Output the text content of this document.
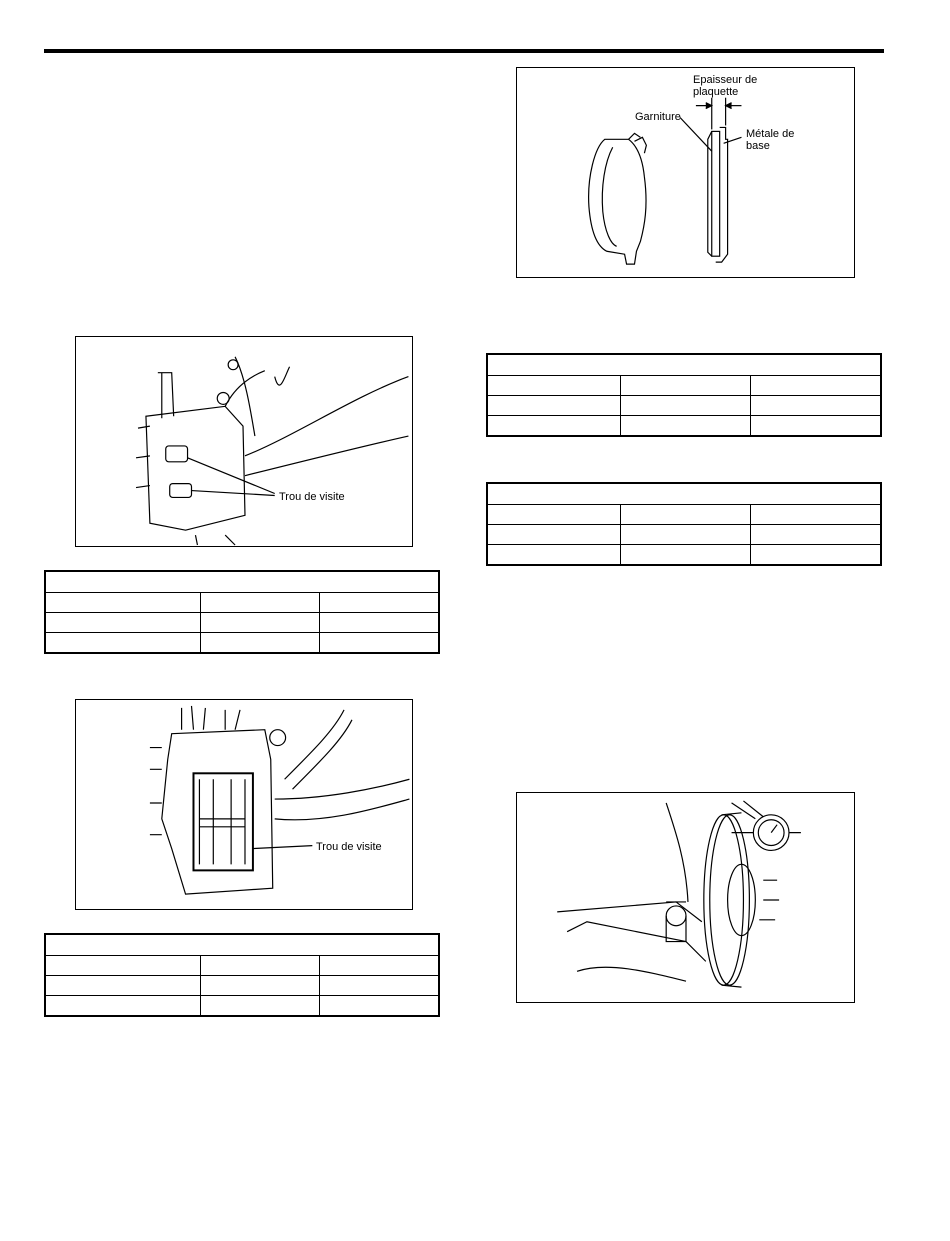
Epaisseur de
plaquette
Garniture
Métale de
base
Trou de visite
Trou de visite
